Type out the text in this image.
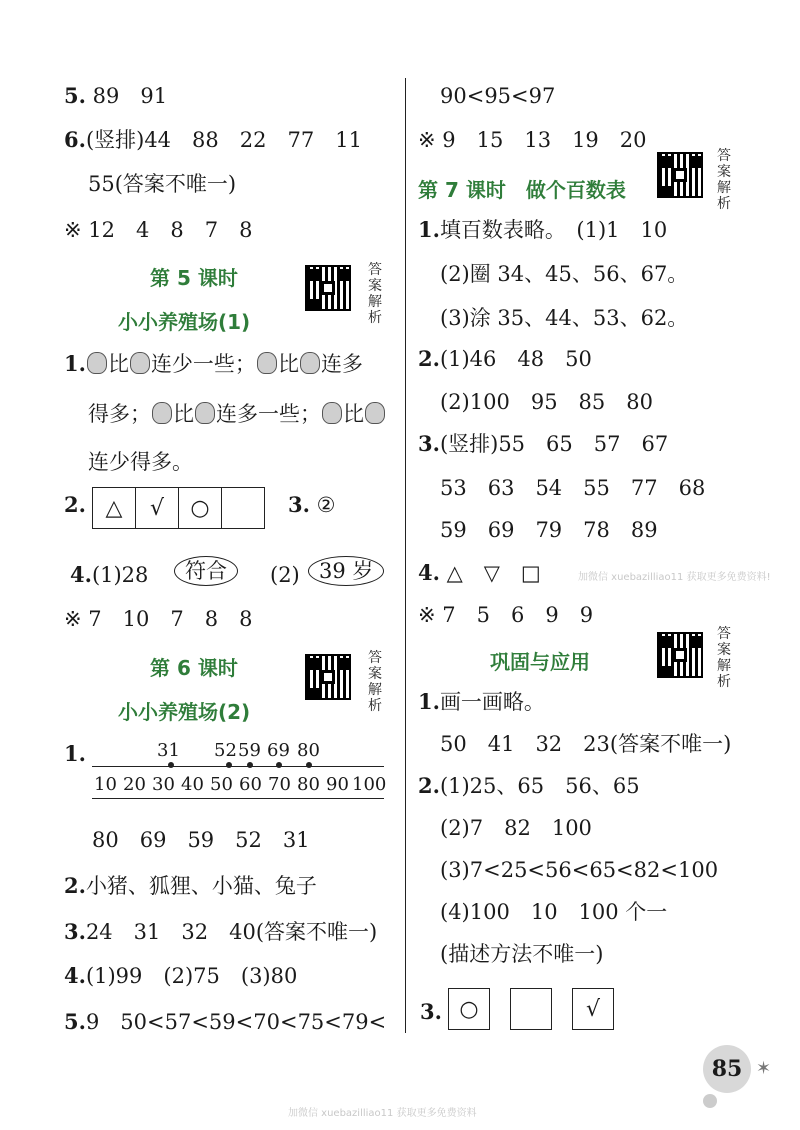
5. 89　91
6.(竖排)44　88　22　77　11
55(答案不唯一)
※ 12　4　8　7　8
第 5 课时
小小养殖场(1)
答案解析
1. 比 连少一些； 比 连多
得多； 比 连多一些； 比
连少得多。
2. △	√	○	3. ②
4.(1)28	符合	(2) 39 岁
※ 7　10　7　8　8
第 6 课时
小小养殖场(2)
答案解析
1.	31 52 59 69 80
10 20 30 40 50 60 70 80 90 100
80　69　59　52　31
2.小猪、狐狸、小猫、兔子
3.24　31　32　40(答案不唯一)
4.(1)99　(2)75　(3)80
5.9　50<57<59<70<75<79<
90<95<97
※ 9　15　13　19　20
第 7 课时　做个百数表
答案解析
1.填百数表略。　(1)1　10
(2)圈 34、45、56、67。
(3)涂 35、44、53、62。
2.(1)46　48　50
(2)100　95　85　80
3.(竖排)55　65　57　67
53　63　54　55　77　68
59　69　79　78　89
4. △　▽　□	加微信 xuebazilliao11 获取更多免费资料!
※ 7　5　6　9　9
巩固与应用
答案解析
1.画一画略。
50　41　32　23(答案不唯一)
2.(1)25、65　56、65
(2)7　82　100
(3)7<25<56<65<82<100
(4)100　10　100 个一
(描述方法不唯一)
3. ○	√
85 ✶
加微信 xuebazilliao11 获取更多免费资料
